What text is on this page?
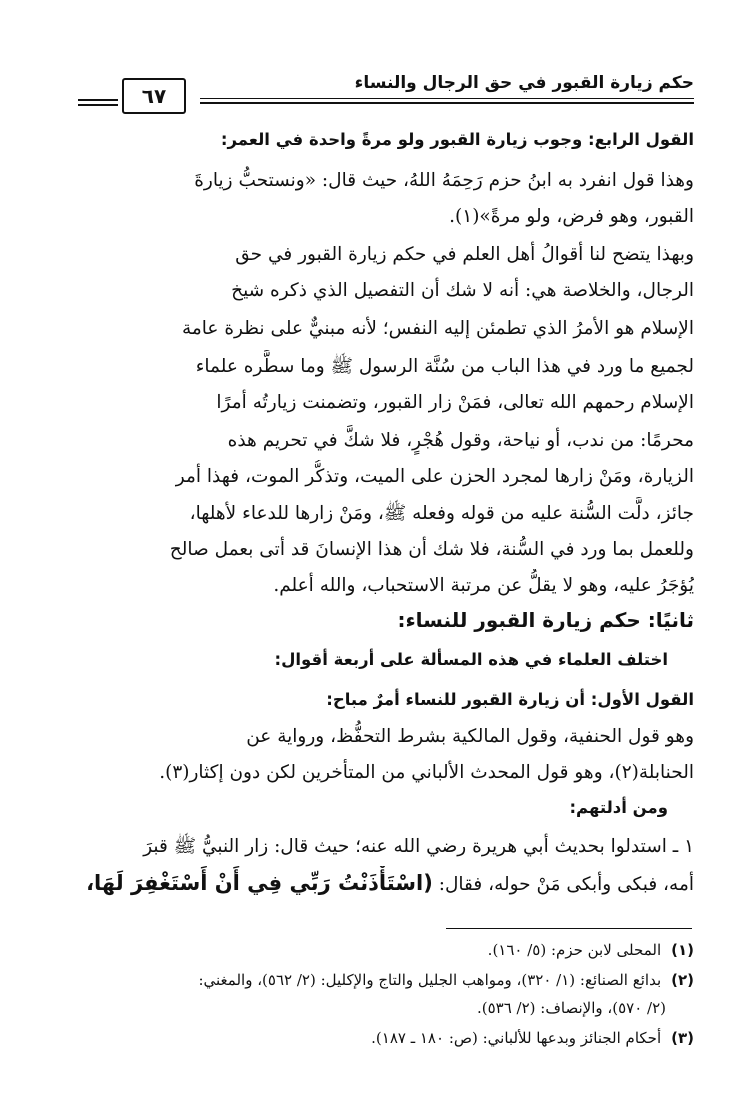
حكم زيارة القبور في حق الرجال والنساء
٦٧
القول الرابع: وجوب زيارة القبور ولو مرةً واحدة في العمر:
وهذا قول انفرد به ابنُ حزم رَحِمَهُ اللهُ، حيث قال: «ونستحبُّ زيارةَ
القبور، وهو فرض، ولو مرةً»(١).
وبهذا يتضح لنا أقوالُ أهل العلم في حكم زيارة القبور في حق
الرجال، والخلاصة هي: أنه لا شك أن التفصيل الذي ذكره شيخ
الإسلام هو الأمرُ الذي تطمئن إليه النفس؛ لأنه مبنيٌّ على نظرة عامة
لجميع ما ورد في هذا الباب من سُنَّة الرسول ﷺ وما سطَّره علماء
الإسلام رحمهم الله تعالى، فمَنْ زار القبور، وتضمنت زيارتُه أمرًا
محرمًا: من ندب، أو نياحة، وقول هُجْرٍ، فلا شكَّ في تحريم هذه
الزيارة، ومَنْ زارها لمجرد الحزن على الميت، وتذكُّر الموت، فهذا أمر
جائز، دلَّت السُّنة عليه من قوله وفعله ﷺ، ومَنْ زارها للدعاء لأهلها،
وللعمل بما ورد في السُّنة، فلا شك أن هذا الإنسانَ قد أتى بعمل صالح
يُؤجَرُ عليه، وهو لا يقلُّ عن مرتبة الاستحباب، والله أعلم.
ثانيًا: حكم زيارة القبور للنساء:
اختلف العلماء في هذه المسألة على أربعة أقوال:
القول الأول: أن زيارة القبور للنساء أمرٌ مباح:
وهو قول الحنفية، وقول المالكية بشرط التحفُّظ، ورواية عن
الحنابلة(٢)، وهو قول المحدث الألباني من المتأخرين لكن دون إكثار(٣).
ومن أدلتهم:
١ ـ استدلوا بحديث أبي هريرة رضي الله عنه؛ حيث قال: زار النبيُّ ﷺ قبرَ
أمه، فبكى وأبكى مَنْ حوله، فقال: (اسْتَأْذَنْتُ رَبِّي فِي أَنْ أَسْتَغْفِرَ لَهَا،
(١)المحلى لابن حزم: (٥/ ١٦٠).
(٢)بدائع الصنائع: (١/ ٣٢٠)، ومواهب الجليل والتاج والإكليل: (٢/ ٥٦٢)، والمغني:
(٢/ ٥٧٠)، والإنصاف: (٢/ ٥٣٦).
(٣)أحكام الجنائز وبدعها للألباني: (ص: ١٨٠ ـ ١٨٧).
